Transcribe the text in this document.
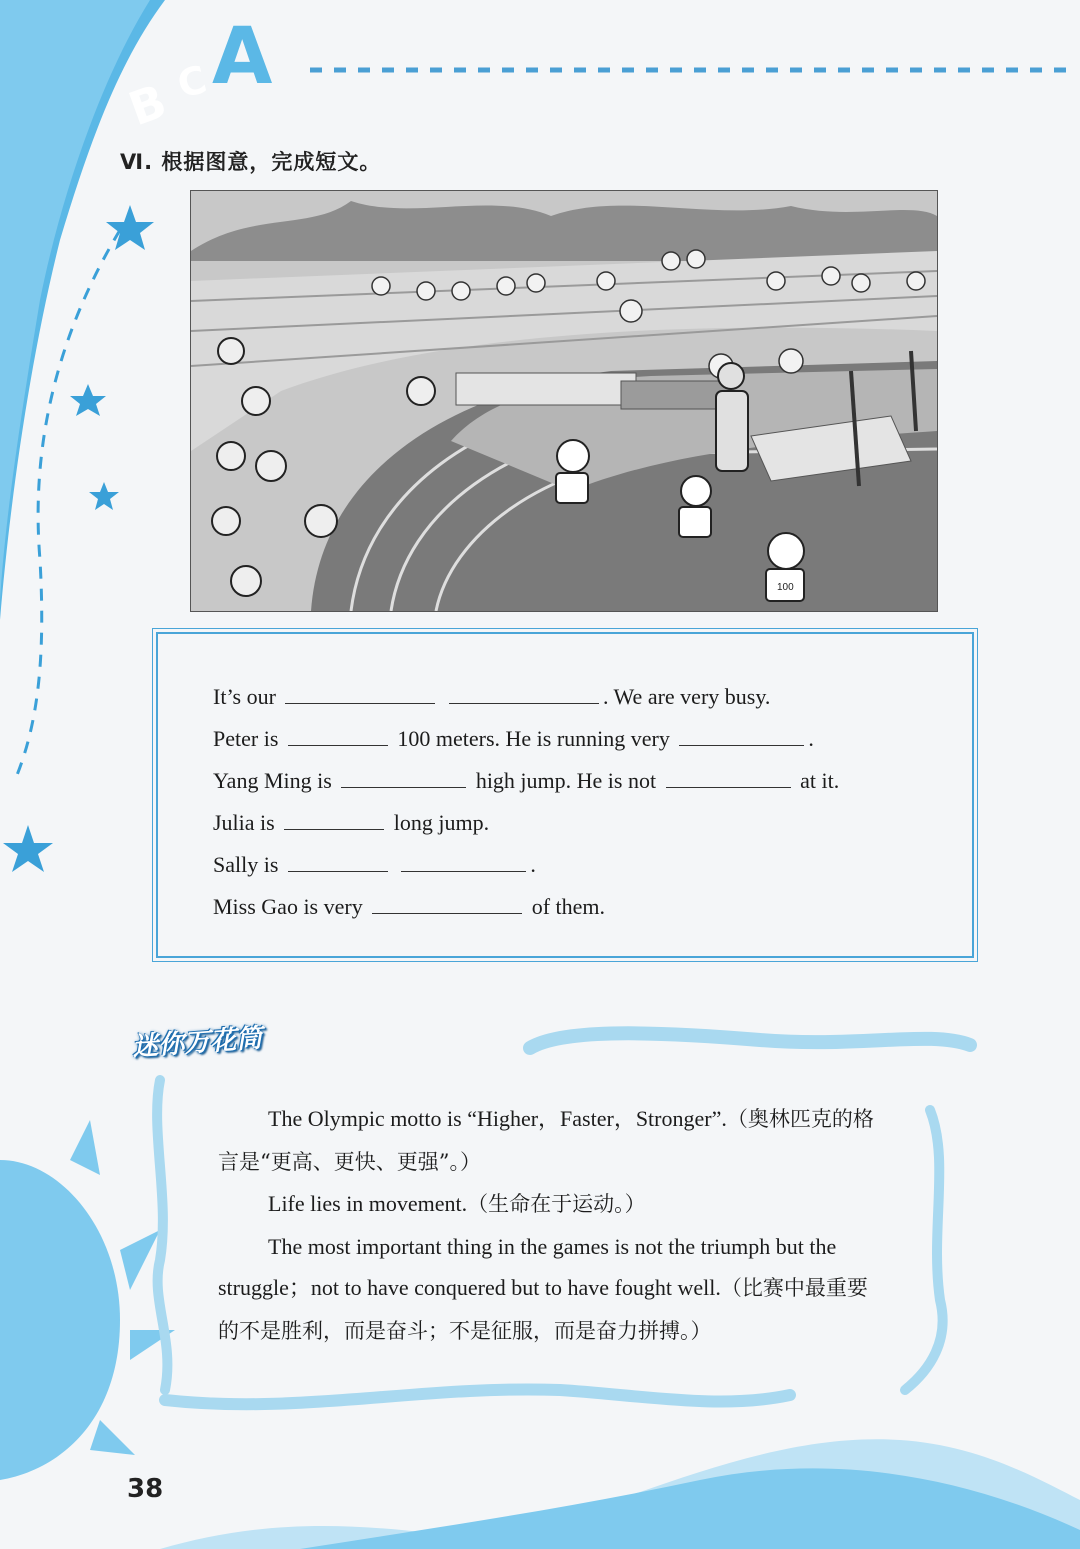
B C A
Ⅵ. 根据图意，完成短文。
100
It’s our	. We are very busy.
Peter is	100 meters. He is running very	.
Yang Ming is	high jump. He is not	at it.
Julia is	long jump.
Sally is	.
Miss Gao is very	of them.
迷你万花筒

The Olympic motto is “Higher，Faster，Stronger”.（奥林匹克的格言是“更高、更快、更强”。）

Life lies in movement.（生命在于运动。）

The most important thing in the games is not the triumph but the struggle；not to have conquered but to have fought well.（比赛中最重要的不是胜利，而是奋斗；不是征服，而是奋力拼搏。）

38
